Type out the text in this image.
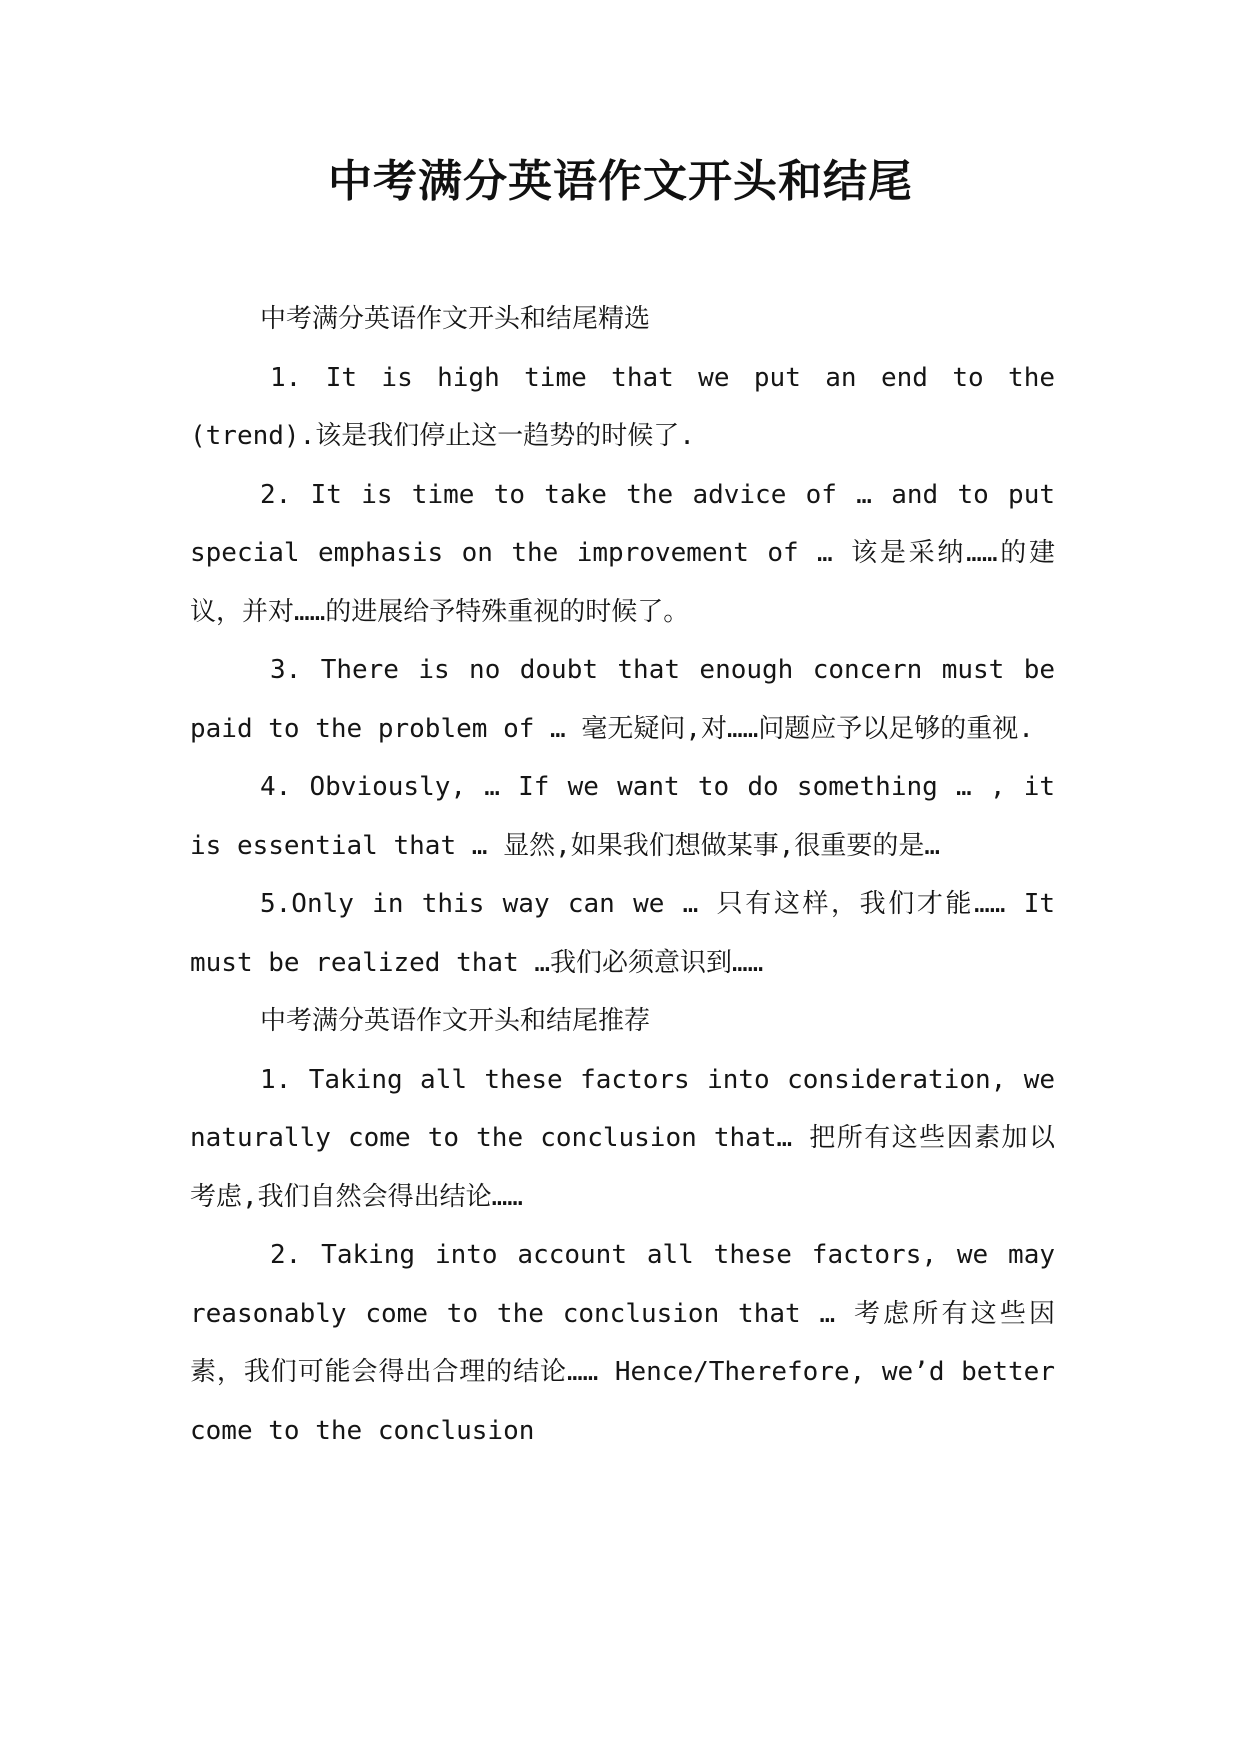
中考满分英语作文开头和结尾

中考满分英语作文开头和结尾精选

1. It is high time that we put an end to the (trend).该是我们停止这一趋势的时候了.

2. It is time to take the advice of … and to put special emphasis on the improvement of … 该是采纳……的建议，并对……的进展给予特殊重视的时候了。

3. There is no doubt that enough concern must be paid to the problem of … 毫无疑问,对……问题应予以足够的重视.

4. Obviously, … If we want to do something … , it is essential that … 显然,如果我们想做某事,很重要的是…

5.Only in this way can we … 只有这样，我们才能…… It must be realized that …我们必须意识到……

中考满分英语作文开头和结尾推荐

1. Taking all these factors into consideration, we naturally come to the conclusion that… 把所有这些因素加以考虑,我们自然会得出结论……

2. Taking into account all these factors, we may reasonably come to the conclusion that … 考虑所有这些因素，我们可能会得出合理的结论…… Hence/Therefore, we’d better come to the conclusion
